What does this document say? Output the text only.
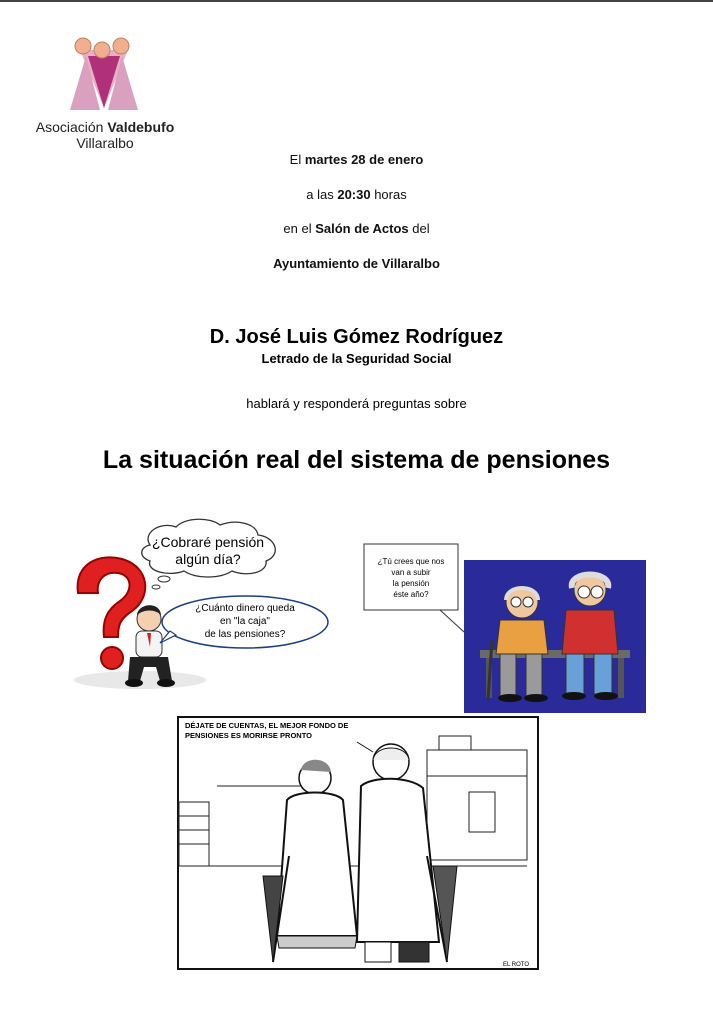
Asociación Valdebufo
Villaralbo
El martes 28 de enero
a las 20:30 horas
en el Salón de Actos del
Ayuntamiento de Villaralbo
D. José Luis Gómez Rodríguez
Letrado de la Seguridad Social
hablará y responderá preguntas sobre
La situación real del sistema de pensiones
¿Cobraré pensión
algún día?
¿Cuánto dinero queda
en "la caja"
de las pensiones?
¿Tú crees que nos
van a subir
la pensión
éste año?
DÉJATE DE CUENTAS, EL MEJOR FONDO DE
PENSIONES ES MORIRSE PRONTO
EL ROTO
